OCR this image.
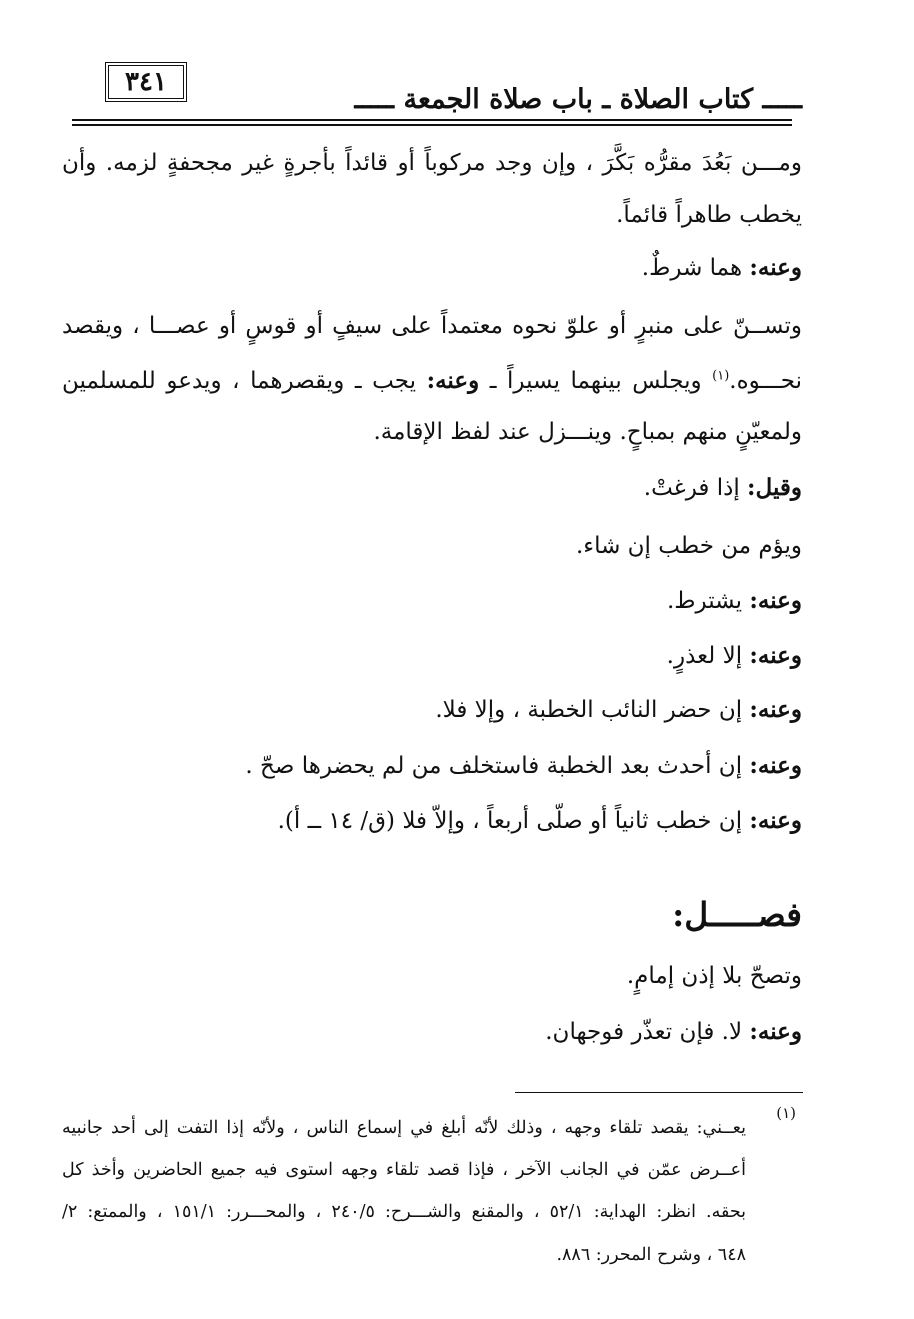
٣٤١
ـــــ كتاب الصلاة ـ باب صلاة الجمعة ـــــ
ومـــن بَعُدَ مقرُّه بَكَّرَ ، وإن وجد مركوباً أو قائداً بأجرةٍ غير مجحفةٍ لزمه. وأن
يخطب طاهراً قائماً.
وعنه: هما شرطٌ.
وتســنّ على منبرٍ أو علوّ نحوه معتمداً على سيفٍ أو قوسٍ أو عصـــا ، ويقصد
نحـــوه.$^{(١)}$ ويجلس بينهما يسيراً ـ وعنه: يجب ـ ويقصرهما ، ويدعو للمسلمين
ولمعيّنٍ منهم بمباحٍ. وينـــزل عند لفظ الإقامة.
وقيل: إذا فرغتْ.
ويؤم من خطب إن شاء.
وعنه: يشترط.
وعنه: إلا لعذرٍ.
وعنه: إن حضر النائب الخطبة ، وإلا فلا.
وعنه: إن أحدث بعد الخطبة فاستخلف من لم يحضرها صحّ .
وعنه: إن خطب ثانياً أو صلّى أربعاً ، وإلاّ فلا (ق/ ١٤ ــ أ).
فصـــــل:
وتصحّ بلا إذن إمامٍ.
وعنه: لا. فإن تعذّر فوجهان.
(١)
يعــني: يقصد تلقاء وجهه ، وذلك لأنّه أبلغ في إسماع الناس ، ولأنّه إذا التفت إلى أحد جانبيه
أعــرض عمّن في الجانب الآخر ، فإذا قصد تلقاء وجهه استوى فيه جميع الحاضرين وأخذ كل
بحقه. انظر: الهداية: ٥٢/١ ، والمقنع والشـــرح: ٢٤٠/٥ ، والمحـــرر: ١٥١/١ ، والممتع: ٢/
٦٤٨ ، وشرح المحرر: ٨٨٦.
